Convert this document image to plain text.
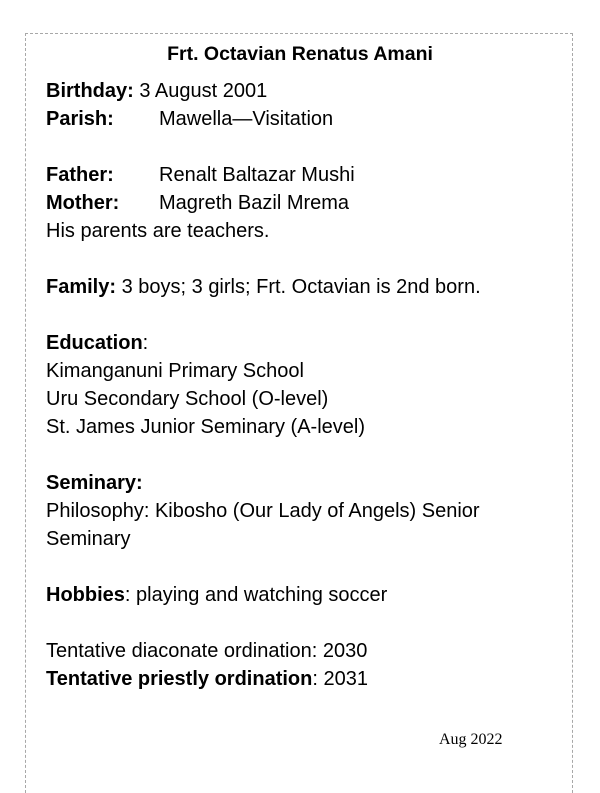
Frt. Octavian Renatus Amani
Birthday: 3 August 2001
Parish: Mawella—Visitation
Father: Renalt Baltazar Mushi
Mother: Magreth Bazil Mrema
His parents are teachers.
Family: 3 boys; 3 girls; Frt. Octavian is 2nd born.
Education:
Kimanganuni Primary School
Uru Secondary School (O-level)
St. James Junior Seminary (A-level)
Seminary:
Philosophy: Kibosho (Our Lady of Angels) Senior
Seminary
Hobbies: playing and watching soccer
Tentative diaconate ordination: 2030
Tentative priestly ordination: 2031
Aug 2022
